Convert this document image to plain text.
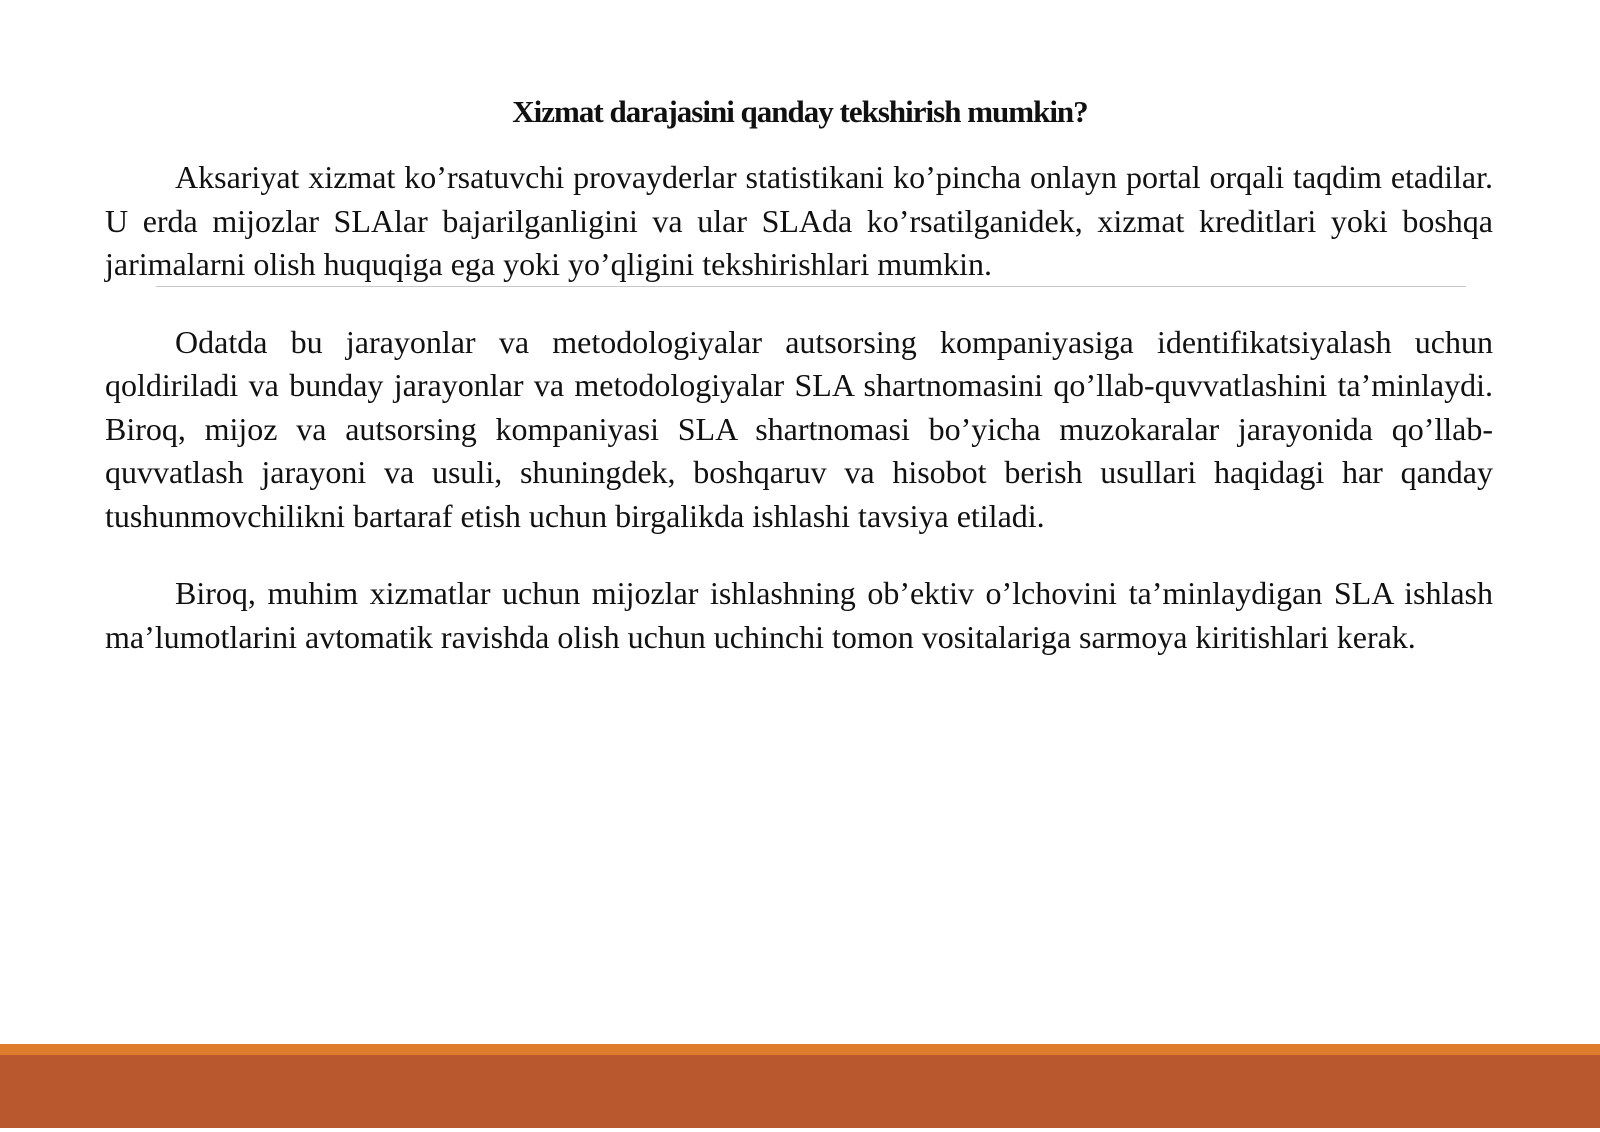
Xizmat darajasini qanday tekshirish mumkin?

Aksariyat xizmat ko’rsatuvchi provayderlar statistikani ko’pincha onlayn portal orqali taqdim etadilar. U erda mijozlar SLAlar bajarilganligini va ular SLAda ko’rsatilganidek, xizmat kreditlari yoki boshqa jarimalarni olish huquqiga ega yoki yo’qligini tekshirishlari mumkin.

Odatda bu jarayonlar va metodologiyalar autsorsing kompaniyasiga identifikatsiyalash uchun qoldiriladi va bunday jarayonlar va metodologiyalar SLA shartnomasini qo’llab-quvvatlashini ta’minlaydi. Biroq, mijoz va autsorsing kompaniyasi SLA shartnomasi bo’yicha muzokaralar jarayonida qo’llab-quvvatlash jarayoni va usuli, shuningdek, boshqaruv va hisobot berish usullari haqidagi har qanday tushunmovchilikni bartaraf etish uchun birgalikda ishlashi tavsiya etiladi.

Biroq, muhim xizmatlar uchun mijozlar ishlashning ob’ektiv o’lchovini ta’minlaydigan SLA ishlash ma’lumotlarini avtomatik ravishda olish uchun uchinchi tomon vositalariga sarmoya kiritishlari kerak.
